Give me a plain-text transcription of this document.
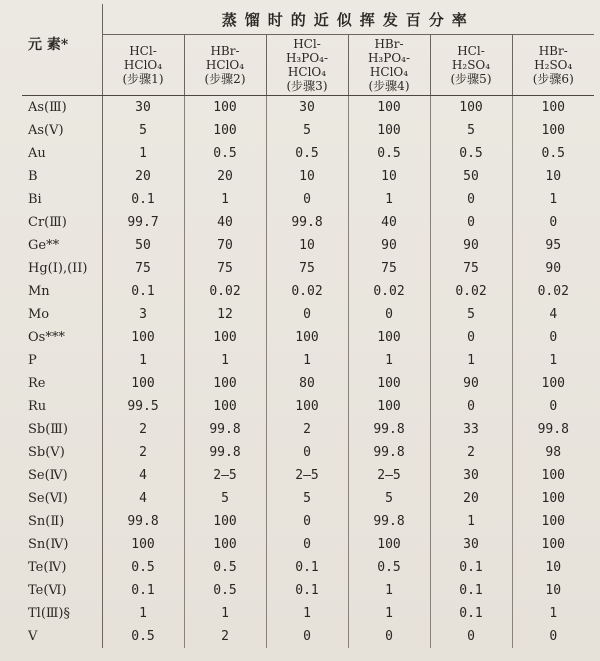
元 素*	蒸馏时的近似挥发百分率					

	HCl-
HClO₄
(步骤1)	HBr-
HClO₄
(步骤2)	HCl-
H₃PO₄-
HClO₄
(步骤3)	HBr-
H₃PO₄-
HClO₄
(步骤4)	HCl-
H₂SO₄
(步骤5)	HBr-
H₂SO₄
(步骤6)

As(Ⅲ)	30	100	30	100	100	100
As(Ⅴ)	5	100	5	100	5	100
Au	1	0.5	0.5	0.5	0.5	0.5
B	20	20	10	10	50	10
Bi	0.1	1	0	1	0	1
Cr(Ⅲ)	99.7	40	99.8	40	0	0
Ge**	50	70	10	90	90	95
Hg(I),(II)	75	75	75	75	75	90
Mn	0.1	0.02	0.02	0.02	0.02	0.02
Mo	3	12	0	0	5	4
Os***	100	100	100	100	0	0
P	1	1	1	1	1	1
Re	100	100	80	100	90	100
Ru	99.5	100	100	100	0	0
Sb(Ⅲ)	2	99.8	2	99.8	33	99.8
Sb(Ⅴ)	2	99.8	0	99.8	2	98
Se(Ⅳ)	4	2—5	2—5	2—5	30	100
Se(Ⅵ)	4	5	5	5	20	100
Sn(Ⅱ)	99.8	100	0	99.8	1	100
Sn(Ⅳ)	100	100	0	100	30	100
Te(Ⅳ)	0.5	0.5	0.1	0.5	0.1	10
Te(Ⅵ)	0.1	0.5	0.1	1	0.1	10
Tl(Ⅲ)§	1	1	1	1	0.1	1
V	0.5	2	0	0	0	0
